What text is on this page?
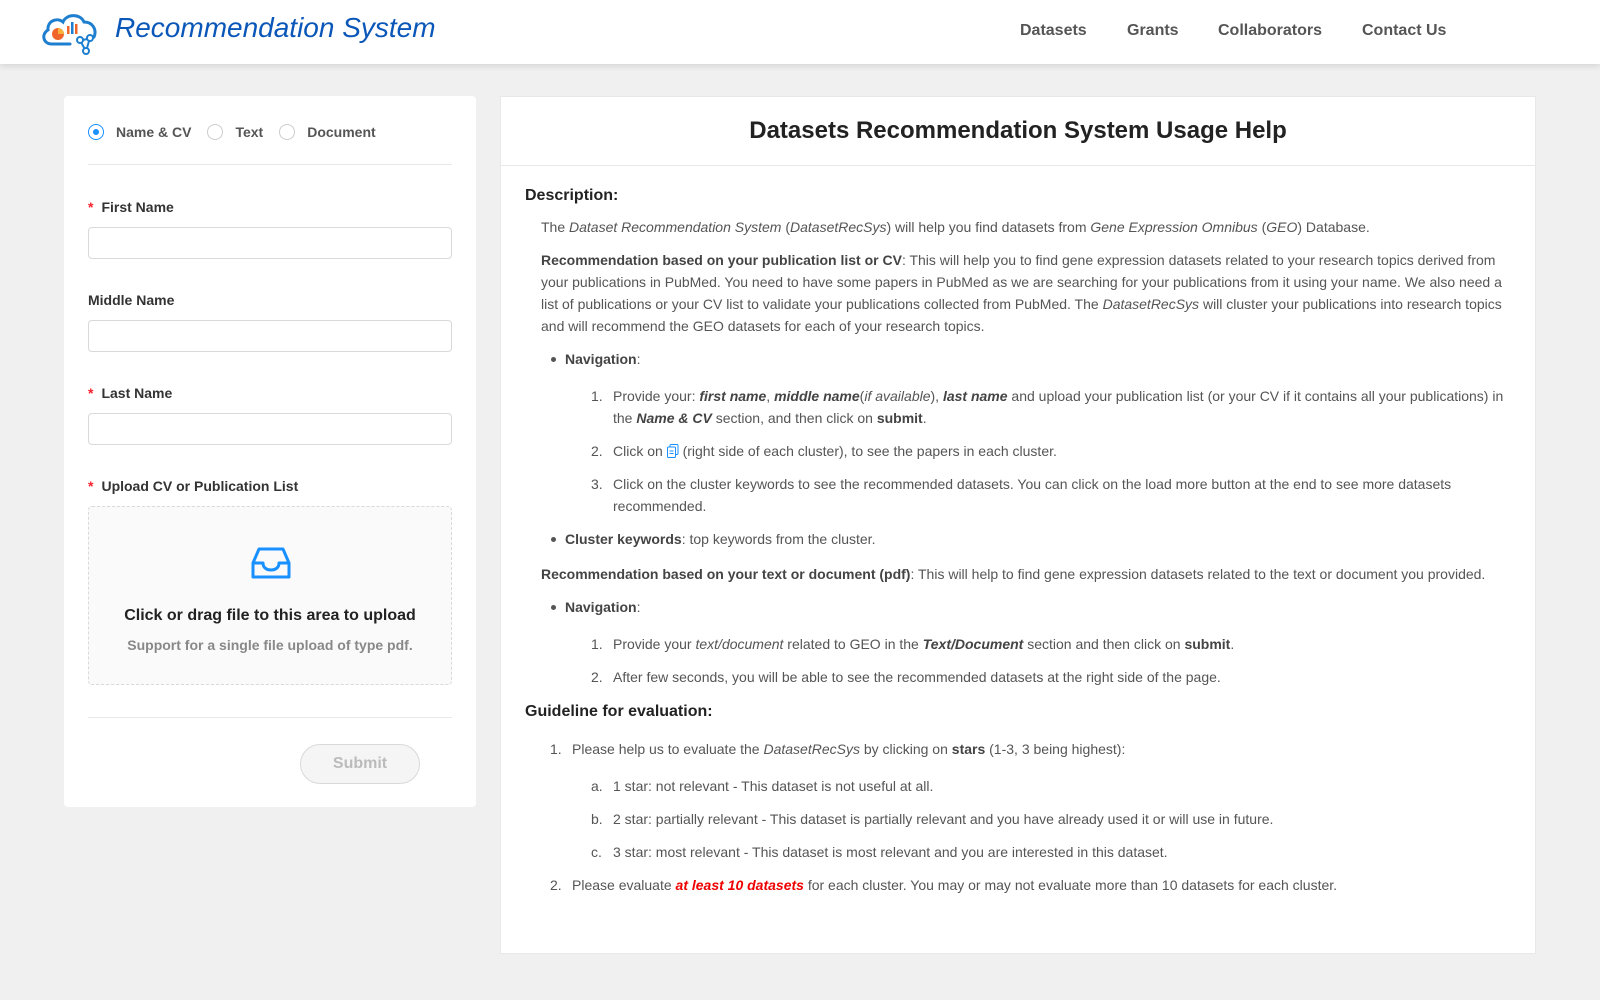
Recommendation System	Datasets	Grants Collaborators Contact Us
Name & CV	Text	Document
* First Name
Middle Name
* Last Name
* Upload CV or Publication List
Click or drag file to this area to upload
Support for a single file upload of type pdf.
Submit
Datasets Recommendation System Usage Help
Description:
The Dataset Recommendation System (DatasetRecSys) will help you find datasets from Gene Expression Omnibus (GEO) Database.
Recommendation based on your publication list or CV: This will help you to find gene expression datasets related to your research topics derived from your publications in PubMed. You need to have some papers in PubMed as we are searching for your publications from it using your name. We also need a list of publications or your CV list to validate your publications collected from PubMed. The DatasetRecSys will cluster your publications into research topics and will recommend the GEO datasets for each of your research topics.
Navigation:
1. Provide your: first name, middle name(if available), last name and upload your publication list (or your CV if it contains all your publications) in the Name & CV section, and then click on submit.
2. Click on  (right side of each cluster), to see the papers in each cluster.
3. Click on the cluster keywords to see the recommended datasets. You can click on the load more button at the end to see more datasets recommended.
Cluster keywords: top keywords from the cluster.
Recommendation based on your text or document (pdf): This will help to find gene expression datasets related to the text or document you provided.
Navigation:
1. Provide your text/document related to GEO in the Text/Document section and then click on submit.
2. After few seconds, you will be able to see the recommended datasets at the right side of the page.
Guideline for evaluation:
1. Please help us to evaluate the DatasetRecSys by clicking on stars (1-3, 3 being highest):
a. 1 star: not relevant - This dataset is not useful at all.
b. 2 star: partially relevant - This dataset is partially relevant and you have already used it or will use in future.
c. 3 star: most relevant - This dataset is most relevant and you are interested in this dataset.
2. Please evaluate at least 10 datasets for each cluster. You may or may not evaluate more than 10 datasets for each cluster.
